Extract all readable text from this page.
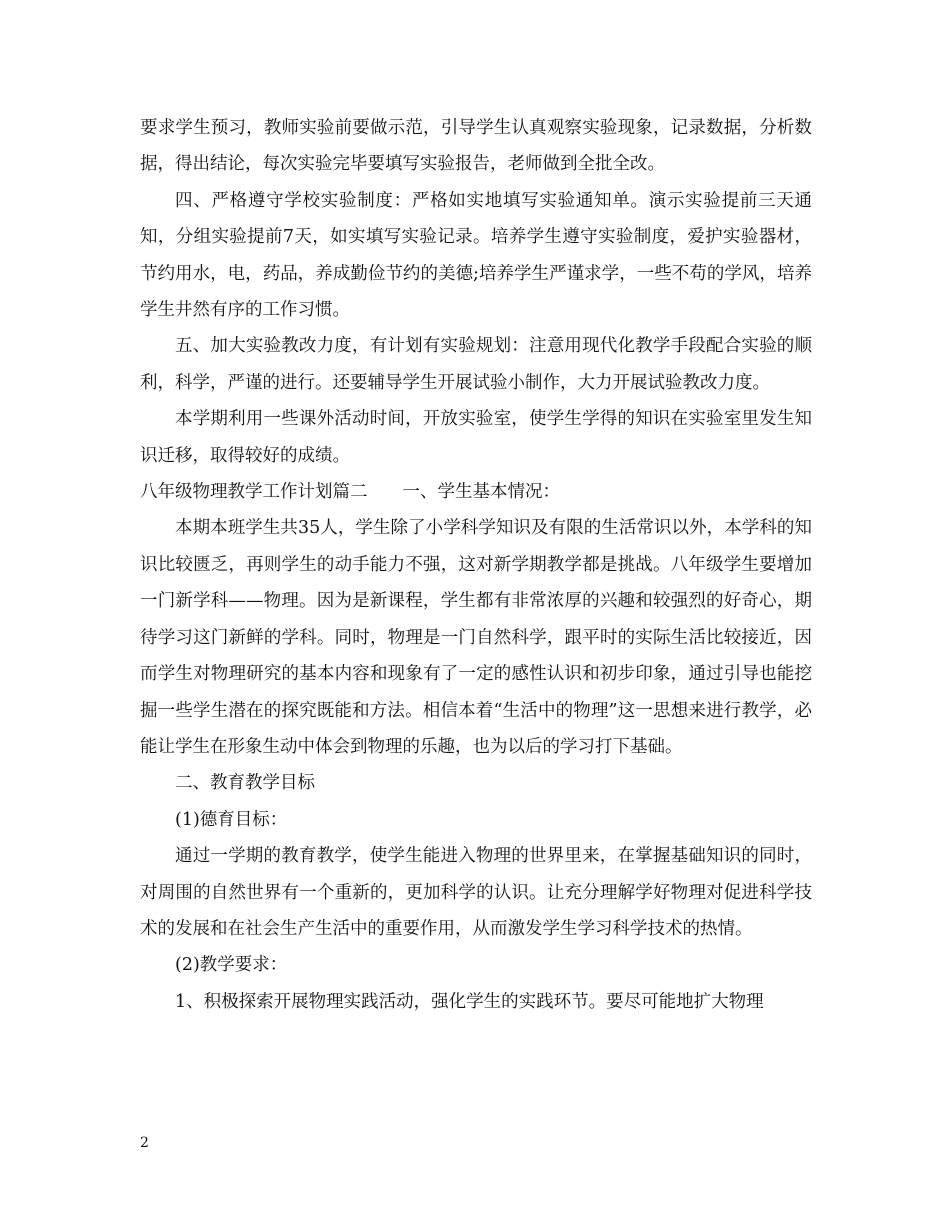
要求学生预习，教师实验前要做示范，引导学生认真观察实验现象，记录数据，分析数据，得出结论，每次实验完毕要填写实验报告，老师做到全批全改。

四、严格遵守学校实验制度：严格如实地填写实验通知单。演示实验提前三天通知，分组实验提前7天，如实填写实验记录。培养学生遵守实验制度，爱护实验器材，节约用水，电，药品，养成勤俭节约的美德;培养学生严谨求学，一些不苟的学风，培养学生井然有序的工作习惯。

五、加大实验教改力度，有计划有实验规划：注意用现代化教学手段配合实验的顺利，科学，严谨的进行。还要辅导学生开展试验小制作，大力开展试验教改力度。

本学期利用一些课外活动时间，开放实验室，使学生学得的知识在实验室里发生知识迁移，取得较好的成绩。

八年级物理教学工作计划篇二 一、学生基本情况：

本期本班学生共35人，学生除了小学科学知识及有限的生活常识以外，本学科的知识比较匮乏，再则学生的动手能力不强，这对新学期教学都是挑战。八年级学生要增加一门新学科——物理。因为是新课程，学生都有非常浓厚的兴趣和较强烈的好奇心，期待学习这门新鲜的学科。同时，物理是一门自然科学，跟平时的实际生活比较接近，因而学生对物理研究的基本内容和现象有了一定的感性认识和初步印象，通过引导也能挖掘一些学生潜在的探究既能和方法。相信本着“生活中的物理”这一思想来进行教学，必能让学生在形象生动中体会到物理的乐趣，也为以后的学习打下基础。

二、教育教学目标

(1)德育目标：

通过一学期的教育教学，使学生能进入物理的世界里来，在掌握基础知识的同时，对周围的自然世界有一个重新的，更加科学的认识。让充分理解学好物理对促进科学技术的发展和在社会生产生活中的重要作用，从而激发学生学习科学技术的热情。

(2)教学要求：

1、积极探索开展物理实践活动，强化学生的实践环节。要尽可能地扩大物理

2
